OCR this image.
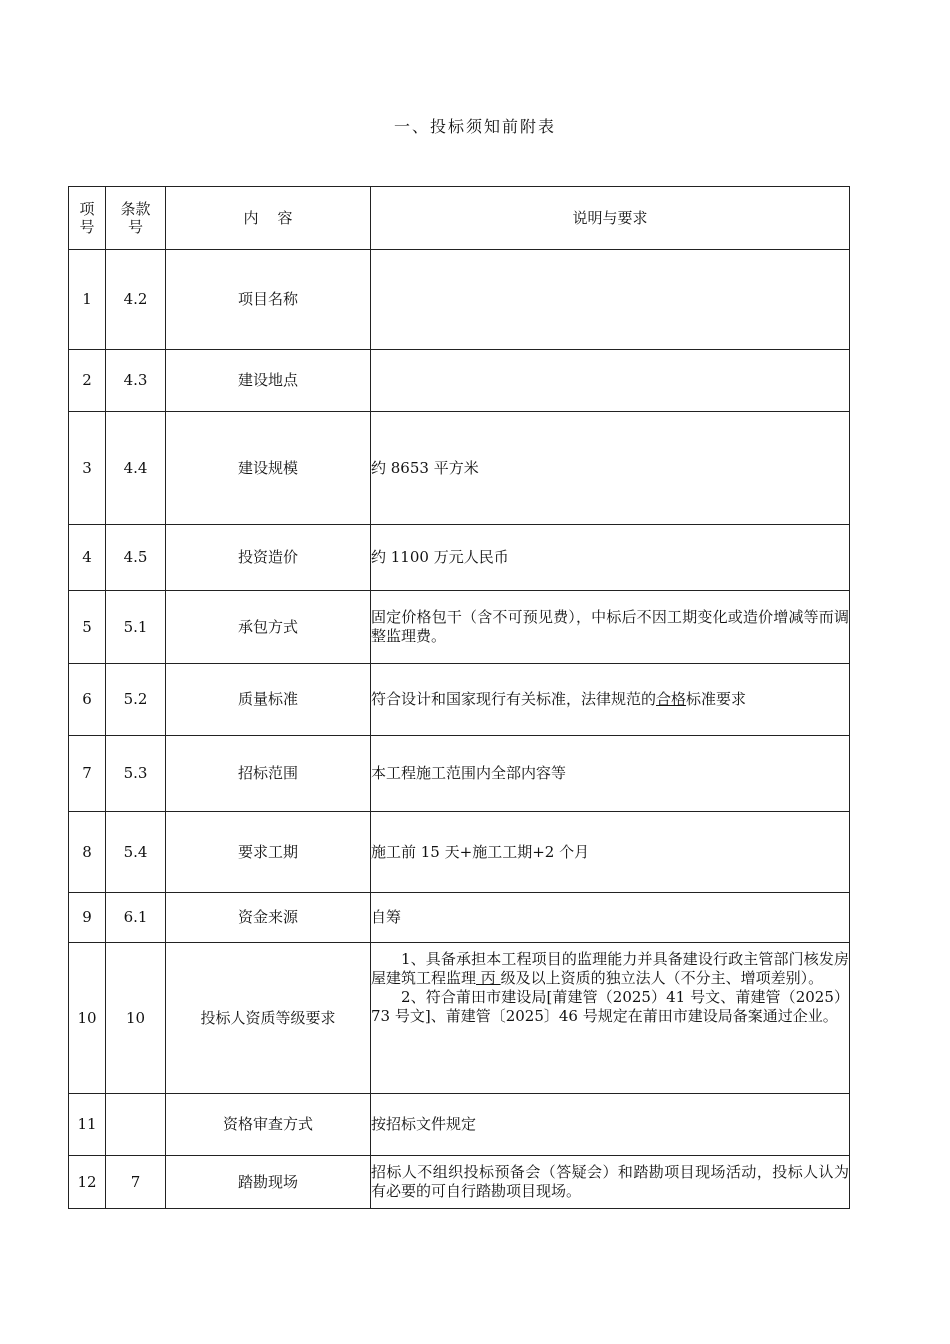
一、投标须知前附表
项号	条款号	内    容	说明与要求
1	4.2	项目名称	
2	4.3	建设地点	
3	4.4	建设规模	约 8653 平方米
4	4.5	投资造价	约 1100 万元人民币
5	5.1	承包方式	固定价格包干（含不可预见费），中标后不因工期变化或造价增减等而调整监理费。
6	5.2	质量标准	符合设计和国家现行有关标准，法律规范的合格标准要求
7	5.3	招标范围	本工程施工范围内全部内容等
8	5.4	要求工期	施工前 15 天+施工工期+2 个月
9	6.1	资金来源	自筹
10	10	投标人资质等级要求	1、具备承担本工程项目的监理能力并具备建设行政主管部门核发房屋建筑工程监理 丙 级及以上资质的独立法人（不分主、增项差别）。
2、符合莆田市建设局[莆建管（2025）41 号文、莆建管（2025）73 号文]、莆建管〔2025〕46 号规定在莆田市建设局备案通过企业。

11		资格审查方式	按招标文件规定
12	7	踏勘现场	招标人不组织投标预备会（答疑会）和踏勘项目现场活动，投标人认为有必要的可自行踏勘项目现场。
